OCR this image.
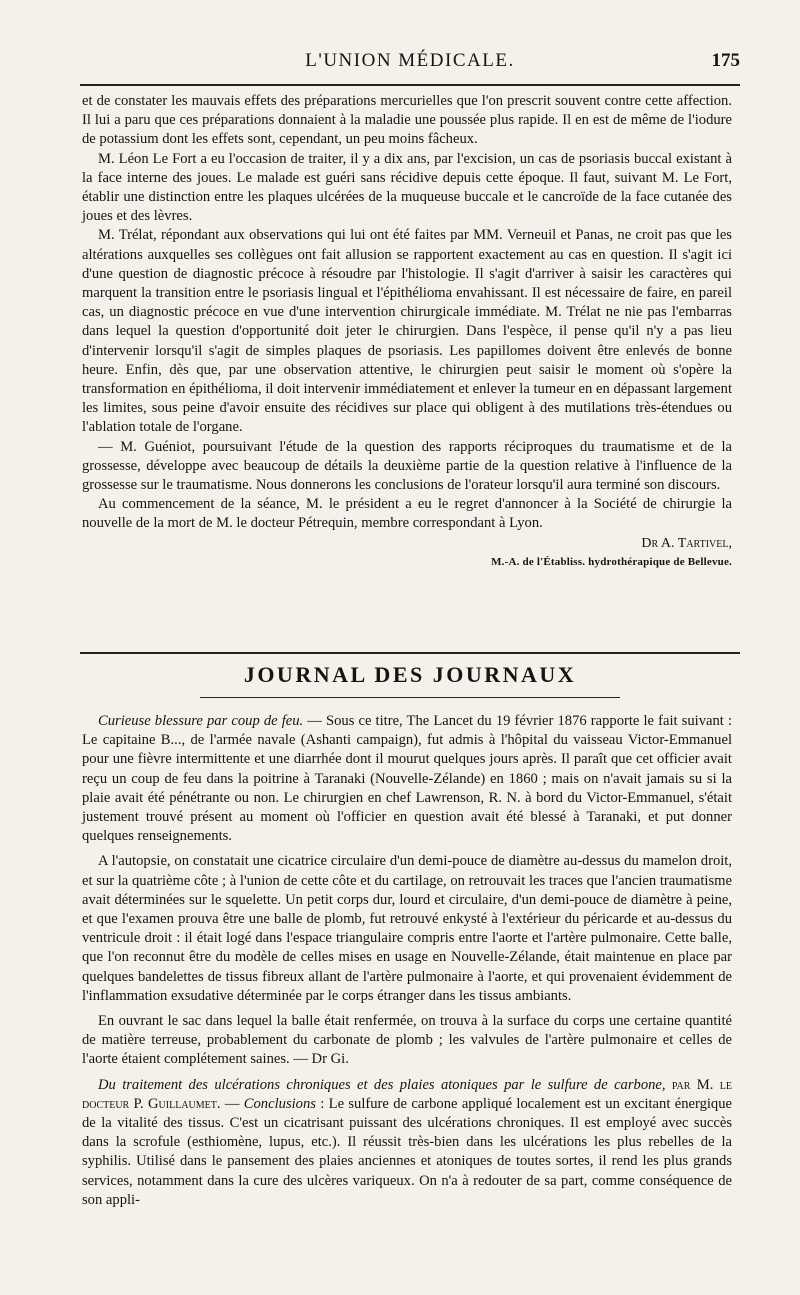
L'UNION MÉDICALE.	175

et de constater les mauvais effets des préparations mercurielles que l'on prescrit souvent contre cette affection. Il lui a paru que ces préparations donnaient à la maladie une poussée plus rapide. Il en est de même de l'iodure de potassium dont les effets sont, cependant, un peu moins fâcheux.

M. Léon Le Fort a eu l'occasion de traiter, il y a dix ans, par l'excision, un cas de psoriasis buccal existant à la face interne des joues. Le malade est guéri sans récidive depuis cette époque. Il faut, suivant M. Le Fort, établir une distinction entre les plaques ulcérées de la muqueuse buccale et le cancroïde de la face cutanée des joues et des lèvres.

M. Trélat, répondant aux observations qui lui ont été faites par MM. Verneuil et Panas, ne croit pas que les altérations auxquelles ses collègues ont fait allusion se rapportent exactement au cas en question. Il s'agit ici d'une question de diagnostic précoce à résoudre par l'histologie. Il s'agit d'arriver à saisir les caractères qui marquent la transition entre le psoriasis lingual et l'épithélioma envahissant. Il est nécessaire de faire, en pareil cas, un diagnostic précoce en vue d'une intervention chirurgicale immédiate. M. Trélat ne nie pas l'embarras dans lequel la question d'opportunité doit jeter le chirurgien. Dans l'espèce, il pense qu'il n'y a pas lieu d'intervenir lorsqu'il s'agit de simples plaques de psoriasis. Les papillomes doivent être enlevés de bonne heure. Enfin, dès que, par une observation attentive, le chirurgien peut saisir le moment où s'opère la transformation en épithélioma, il doit intervenir immédiatement et enlever la tumeur en en dépassant largement les limites, sous peine d'avoir ensuite des récidives sur place qui obligent à des mutilations très-étendues ou l'ablation totale de l'organe.

— M. Guéniot, poursuivant l'étude de la question des rapports réciproques du traumatisme et de la grossesse, développe avec beaucoup de détails la deuxième partie de la question relative à l'influence de la grossesse sur le traumatisme. Nous donnerons les conclusions de l'orateur lorsqu'il aura terminé son discours.

Au commencement de la séance, M. le président a eu le regret d'annoncer à la Société de chirurgie la nouvelle de la mort de M. le docteur Pétrequin, membre correspondant à Lyon.

Dr A. Tartivel,

M.-A. de l'Établiss. hydrothérapique de Bellevue.

JOURNAL DES JOURNAUX

Curieuse blessure par coup de feu. — Sous ce titre, The Lancet du 19 février 1876 rapporte le fait suivant : Le capitaine B..., de l'armée navale (Ashanti campaign), fut admis à l'hôpital du vaisseau Victor-Emmanuel pour une fièvre intermittente et une diarrhée dont il mourut quelques jours après. Il paraît que cet officier avait reçu un coup de feu dans la poitrine à Taranaki (Nouvelle-Zélande) en 1860 ; mais on n'avait jamais su si la plaie avait été pénétrante ou non. Le chirurgien en chef Lawrenson, R. N. à bord du Victor-Emmanuel, s'était justement trouvé présent au moment où l'officier en question avait été blessé à Taranaki, et put donner quelques renseignements.

A l'autopsie, on constatait une cicatrice circulaire d'un demi-pouce de diamètre au-dessus du mamelon droit, et sur la quatrième côte ; à l'union de cette côte et du cartilage, on retrouvait les traces que l'ancien traumatisme avait déterminées sur le squelette. Un petit corps dur, lourd et circulaire, d'un demi-pouce de diamètre à peine, et que l'examen prouva être une balle de plomb, fut retrouvé enkysté à l'extérieur du péricarde et au-dessus du ventricule droit : il était logé dans l'espace triangulaire compris entre l'aorte et l'artère pulmonaire. Cette balle, que l'on reconnut être du modèle de celles mises en usage en Nouvelle-Zélande, était maintenue en place par quelques bandelettes de tissus fibreux allant de l'artère pulmonaire à l'aorte, et qui provenaient évidemment de l'inflammation exsudative déterminée par le corps étranger dans les tissus ambiants.

En ouvrant le sac dans lequel la balle était renfermée, on trouva à la surface du corps une certaine quantité de matière terreuse, probablement du carbonate de plomb ; les valvules de l'artère pulmonaire et celles de l'aorte étaient complétement saines. — Dr Gi.

Du traitement des ulcérations chroniques et des plaies atoniques par le sulfure de carbone, par M. le docteur P. Guillaumet. — Conclusions : Le sulfure de carbone appliqué localement est un excitant énergique de la vitalité des tissus. C'est un cicatrisant puissant des ulcérations chroniques. Il est employé avec succès dans la scrofule (esthiomène, lupus, etc.). Il réussit très-bien dans les ulcérations les plus rebelles de la syphilis. Utilisé dans le pansement des plaies anciennes et atoniques de toutes sortes, il rend les plus grands services, notamment dans la cure des ulcères variqueux. On n'a à redouter de sa part, comme conséquence de son appli-
